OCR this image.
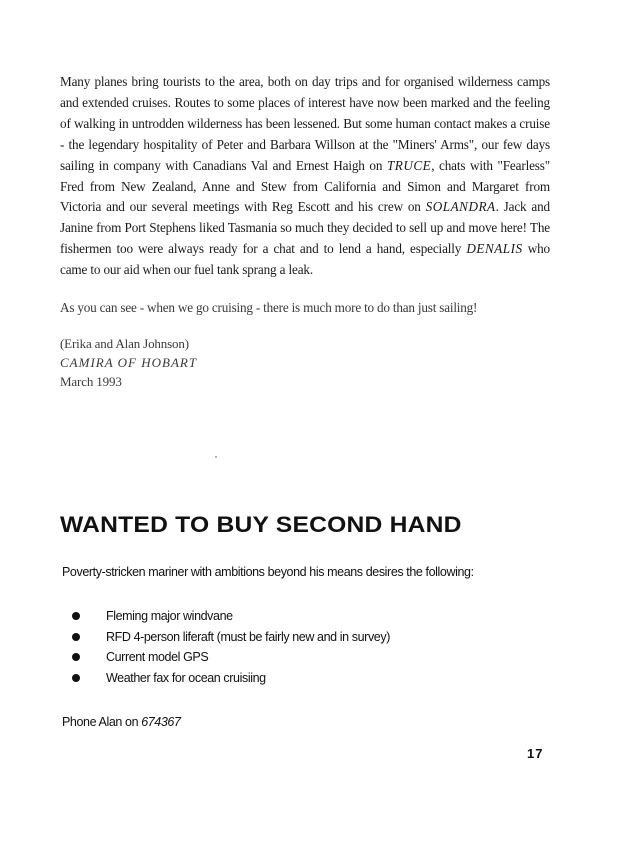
Many planes bring tourists to the area, both on day trips and for organised wilderness camps and extended cruises. Routes to some places of interest have now been marked and the feeling of walking in untrodden wilderness has been lessened. But some human contact makes a cruise - the legendary hospitality of Peter and Barbara Willson at the "Miners' Arms", our few days sailing in company with Canadians Val and Ernest Haigh on TRUCE, chats with "Fearless" Fred from New Zealand, Anne and Stew from California and Simon and Margaret from Victoria and our several meetings with Reg Escott and his crew on SOLANDRA. Jack and Janine from Port Stephens liked Tasmania so much they decided to sell up and move here! The fishermen too were always ready for a chat and to lend a hand, especially DENALIS who came to our aid when our fuel tank sprang a leak.

As you can see - when we go cruising - there is much more to do than just sailing!

(Erika and Alan Johnson)
CAMIRA OF HOBART
March 1993
WANTED TO BUY SECOND HAND
Poverty-stricken mariner with ambitions beyond his means desires the following:
Fleming major windvane
RFD 4-person liferaft (must be fairly new and in survey)
Current model GPS
Weather fax for ocean cruisiing
Phone Alan on 674367
17
